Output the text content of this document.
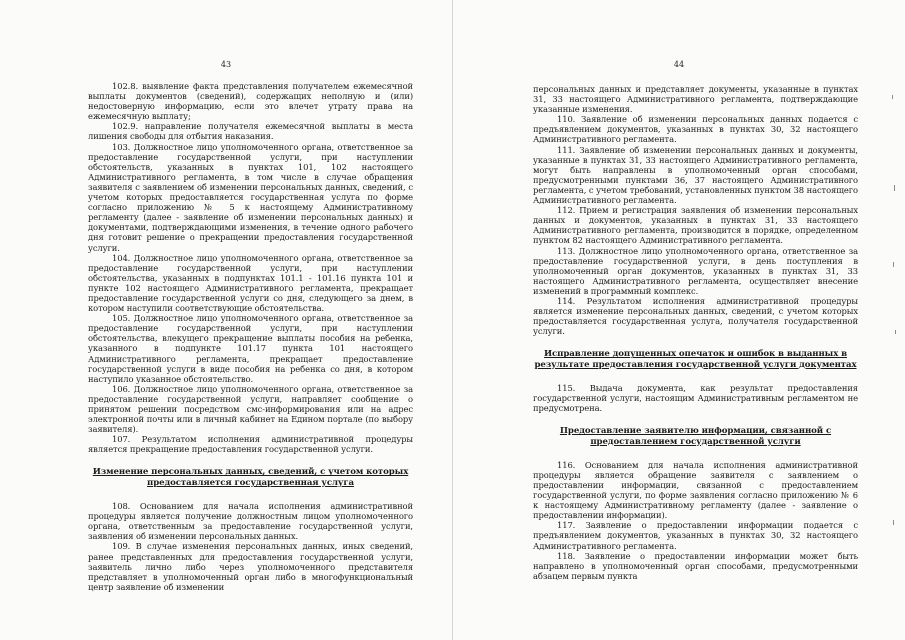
43

102.8. выявление факта представления получателем ежемесячной выплаты документов (сведений), содержащих неполную и (или) недостоверную информацию, если это влечет утрату права на ежемесячную выплату;

102.9. направление получателя ежемесячной выплаты в места лишения свободы для отбытия наказания.

103. Должностное лицо уполномоченного органа, ответственное за предоставление государственной услуги, при наступлении обстоятельств, указанных в пунктах 101, 102 настоящего Административного регламента, в том числе в случае обращения заявителя с заявлением об изменении персональных данных, сведений, с учетом которых предоставляется государственная услуга по форме согласно приложению № 5 к настоящему Административному регламенту (далее - заявление об изменении персональных данных) и документами, подтверждающими изменения, в течение одного рабочего дня готовит решение о прекращении предоставления государственной услуги.

104. Должностное лицо уполномоченного органа, ответственное за предоставление государственной услуги, при наступлении обстоятельства, указанных в подпунктах 101.1 - 101.16 пункта 101 и пункте 102 настоящего Административного регламента, прекращает предоставление государственной услуги со дня, следующего за днем, в котором наступили соответствующие обстоятельства.

105. Должностное лицо уполномоченного органа, ответственное за предоставление государственной услуги, при наступлении обстоятельства, влекущего прекращение выплаты пособия на ребенка, указанного в подпункте 101.17 пункта 101 настоящего Административного регламента, прекращает предоставление государственной услуги в виде пособия на ребенка со дня, в котором наступило указанное обстоятельство.

106. Должностное лицо уполномоченного органа, ответственное за предоставление государственной услуги, направляет сообщение о принятом решении посредством смс-информирования или на адрес электронной почты или в личный кабинет на Едином портале (по выбору заявителя).

107. Результатом исполнения административной процедуры является прекращение предоставления государственной услуги.

Изменение персональных данных, сведений, с учетом которых предоставляется государственная услуга

108. Основанием для начала исполнения административной процедуры является получение должностным лицом уполномоченного органа, ответственным за предоставление государственной услуги, заявления об изменении персональных данных.

109. В случае изменения персональных данных, иных сведений, ранее представленных для предоставления государственной услуги, заявитель лично либо через уполномоченного представителя представляет в уполномоченный орган либо в многофункциональный центр заявление об изменении

44

персональных данных и представляет документы, указанные в пунктах 31, 33 настоящего Административного регламента, подтверждающие указанные изменения.

110. Заявление об изменении персональных данных подается с предъявлением документов, указанных в пунктах 30, 32 настоящего Административного регламента.

111. Заявление об изменении персональных данных и документы, указанные в пунктах 31, 33 настоящего Административного регламента, могут быть направлены в уполномоченный орган способами, предусмотренными пунктами 36, 37 настоящего Административного регламента, с учетом требований, установленных пунктом 38 настоящего Административного регламента.

112. Прием и регистрация заявления об изменении персональных данных и документов, указанных в пунктах 31, 33 настоящего Административного регламента, производится в порядке, определенном пунктом 82 настоящего Административного регламента.

113. Должностное лицо уполномоченного органа, ответственное за предоставление государственной услуги, в день поступления в уполномоченный орган документов, указанных в пунктах 31, 33 настоящего Административного регламента, осуществляет внесение изменений в программный комплекс.

114. Результатом исполнения административной процедуры является изменение персональных данных, сведений, с учетом которых предоставляется государственная услуга, получателя государственной услуги.

Исправление допущенных опечаток и ошибок в выданных в результате предоставления государственной услуги документах

115. Выдача документа, как результат предоставления государственной услуги, настоящим Административным регламентом не предусмотрена.

Предоставление заявителю информации, связанной с предоставлением государственной услуги

116. Основанием для начала исполнения административной процедуры является обращение заявителя с заявлением о предоставлении информации, связанной с предоставлением государственной услуги, по форме заявления согласно приложению № 6 к настоящему Административному регламенту (далее - заявление о предоставлении информации).

117. Заявление о предоставлении информации подается с предъявлением документов, указанных в пунктах 30, 32 настоящего Административного регламента.

118. Заявление о предоставлении информации может быть направлено в уполномоченный орган способами, предусмотренными абзацем первым пункта
